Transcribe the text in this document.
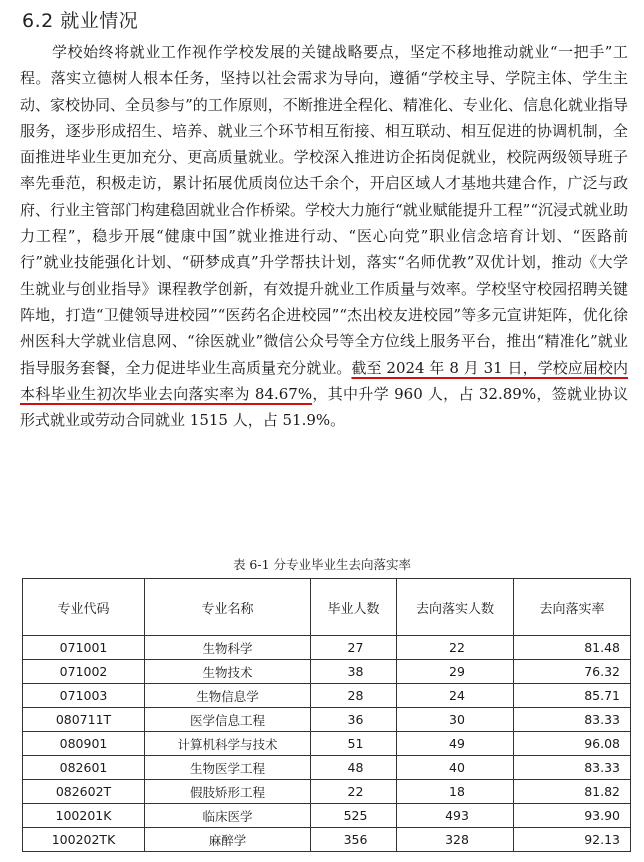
6.2 就业情况

学校始终将就业工作视作学校发展的关键战略要点，坚定不移地推动就业“一把手”工程。落实立德树人根本任务，坚持以社会需求为导向，遵循“学校主导、学院主体、学生主动、家校协同、全员参与”的工作原则，不断推进全程化、精准化、专业化、信息化就业指导服务，逐步形成招生、培养、就业三个环节相互衔接、相互联动、相互促进的协调机制，全面推进毕业生更加充分、更高质量就业。学校深入推进访企拓岗促就业，校院两级领导班子率先垂范，积极走访，累计拓展优质岗位达千余个，开启区域人才基地共建合作，广泛与政府、行业主管部门构建稳固就业合作桥梁。学校大力施行“就业赋能提升工程”“沉浸式就业助力工程”，稳步开展“健康中国”就业推进行动、“医心向党”职业信念培育计划、“医路前行”就业技能强化计划、“研梦成真”升学帮扶计划，落实“名师优教”双优计划，推动《大学生就业与创业指导》课程教学创新，有效提升就业工作质量与效率。学校坚守校园招聘关键阵地，打造“卫健领导进校园”“医药名企进校园”“杰出校友进校园”等多元宣讲矩阵，优化徐州医科大学就业信息网、“徐医就业”微信公众号等全方位线上服务平台，推出“精准化”就业指导服务套餐，全力促进毕业生高质量充分就业。截至 2024 年 8 月 31 日，学校应届校内本科毕业生初次毕业去向落实率为 84.67%，其中升学 960 人，占 32.89%，签就业协议形式就业或劳动合同就业 1515 人，占 51.9%。

表 6-1 分专业毕业生去向落实率
专业代码	专业名称	毕业人数	去向落实人数	去向落实率
071001	生物科学	27	22	81.48
071002	生物技术	38	29	76.32
071003	生物信息学	28	24	85.71
080711T	医学信息工程	36	30	83.33
080901	计算机科学与技术	51	49	96.08
082601	生物医学工程	48	40	83.33
082602T	假肢矫形工程	22	18	81.82
100201K	临床医学	525	493	93.90
100202TK	麻醉学	356	328	92.13
